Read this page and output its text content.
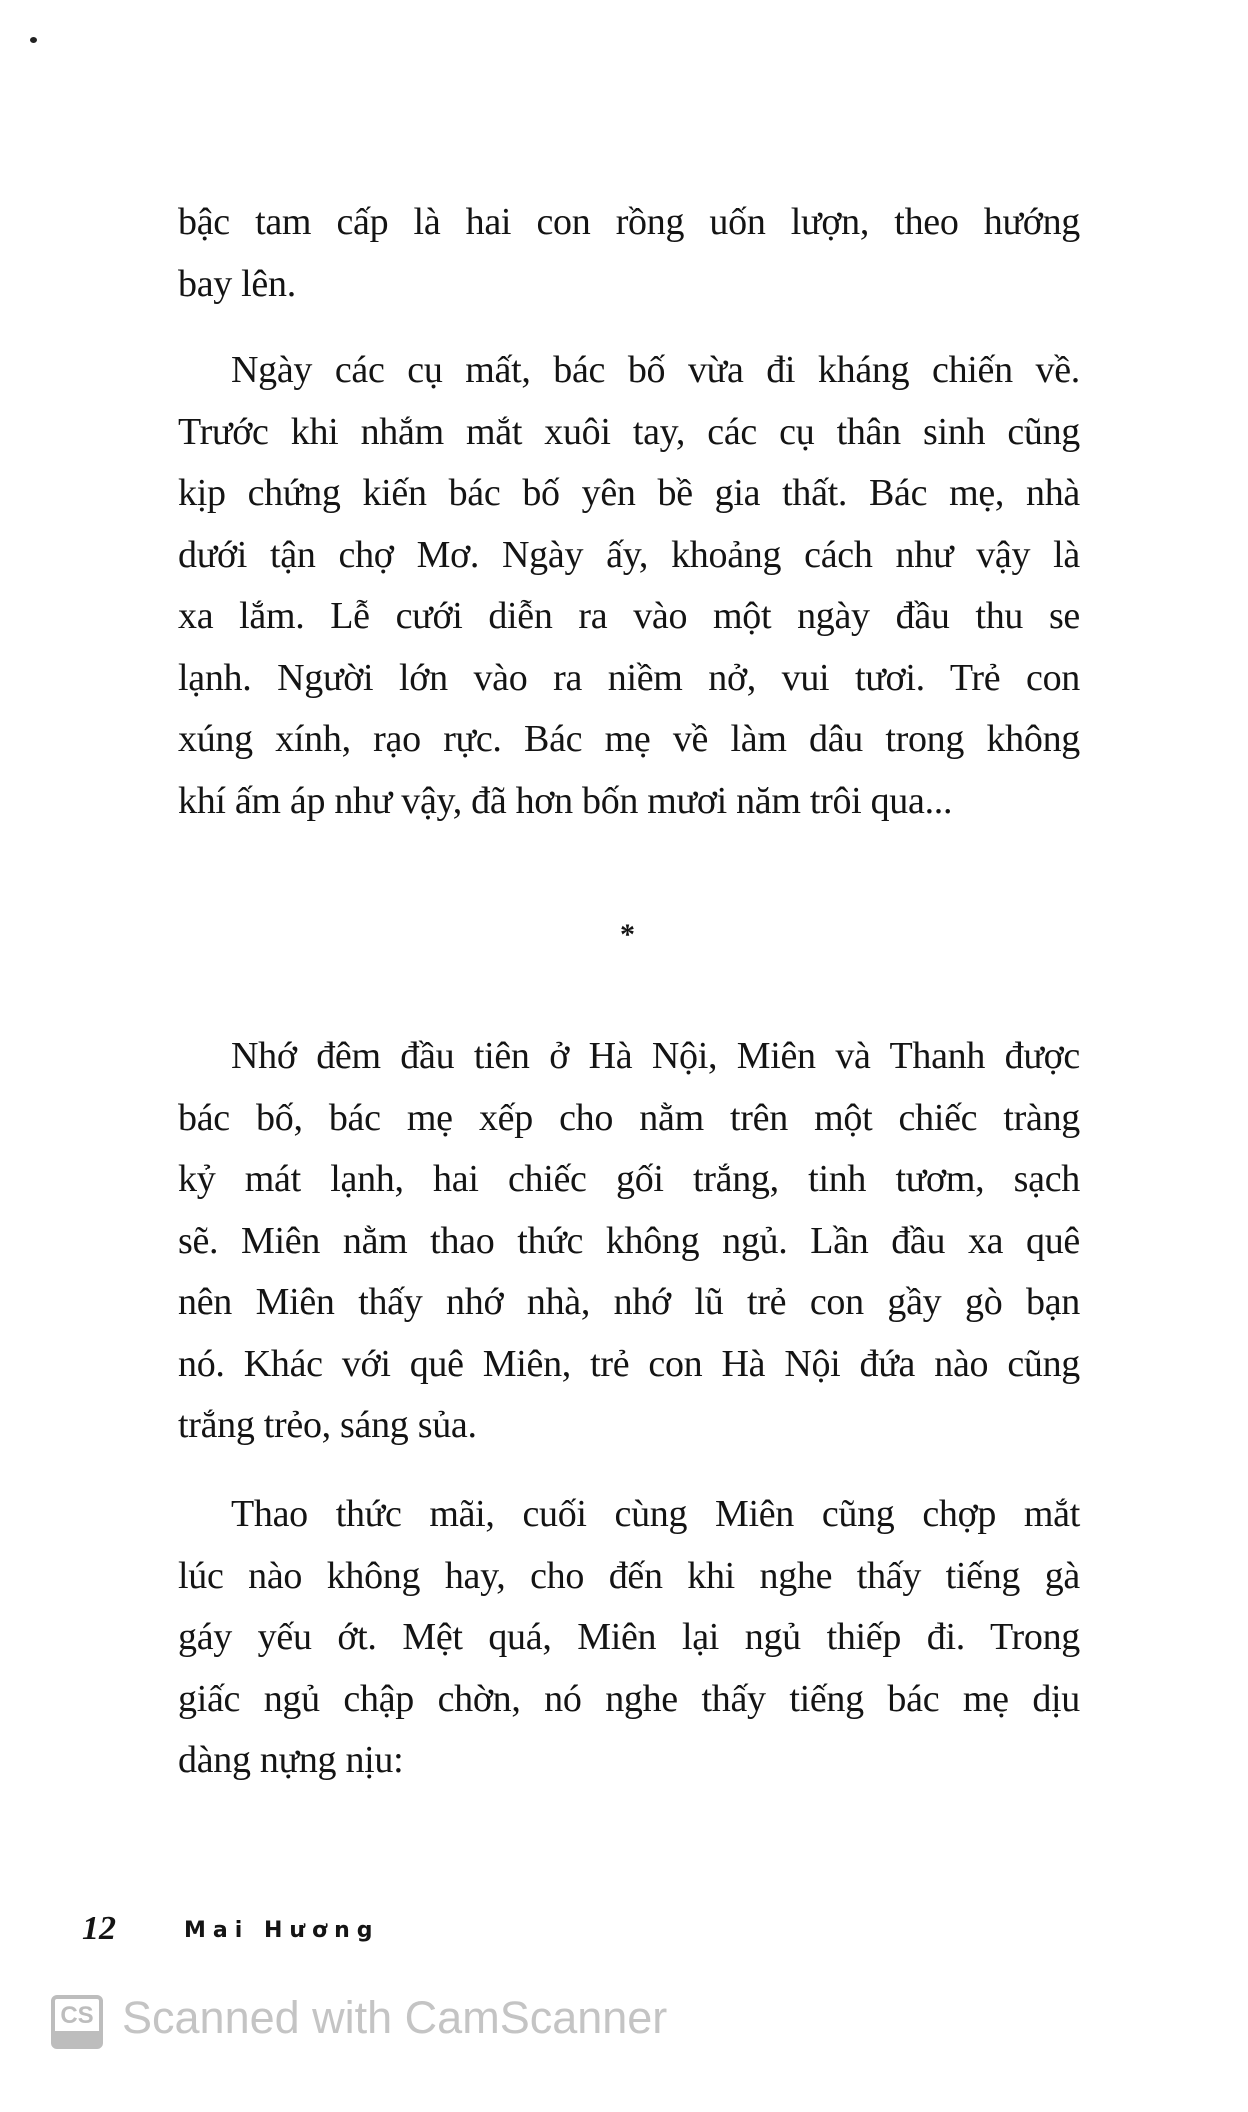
bậc tam cấp là hai con rồng uốn lượn, theo hướng
bay lên.
Ngày các cụ mất, bác bố vừa đi kháng chiến về.
Trước khi nhắm mắt xuôi tay, các cụ thân sinh cũng
kịp chứng kiến bác bố yên bề gia thất. Bác mẹ, nhà
dưới tận chợ Mơ. Ngày ấy, khoảng cách như vậy là
xa lắm. Lễ cưới diễn ra vào một ngày đầu thu se
lạnh. Người lớn vào ra niềm nở, vui tươi. Trẻ con
xúng xính, rạo rực. Bác mẹ về làm dâu trong không
khí ấm áp như vậy, đã hơn bốn mươi năm trôi qua...
*
Nhớ đêm đầu tiên ở Hà Nội, Miên và Thanh được
bác bố, bác mẹ xếp cho nằm trên một chiếc tràng
kỷ mát lạnh, hai chiếc gối trắng, tinh tươm, sạch
sẽ. Miên nằm thao thức không ngủ. Lần đầu xa quê
nên Miên thấy nhớ nhà, nhớ lũ trẻ con gầy gò bạn
nó. Khác với quê Miên, trẻ con Hà Nội đứa nào cũng
trắng trẻo, sáng sủa.
Thao thức mãi, cuối cùng Miên cũng chợp mắt
lúc nào không hay, cho đến khi nghe thấy tiếng gà
gáy yếu ớt. Mệt quá, Miên lại ngủ thiếp đi. Trong
giấc ngủ chập chờn, nó nghe thấy tiếng bác mẹ dịu
dàng nựng nịu:
12	Mai Hương
CS Scanned with CamScanner
